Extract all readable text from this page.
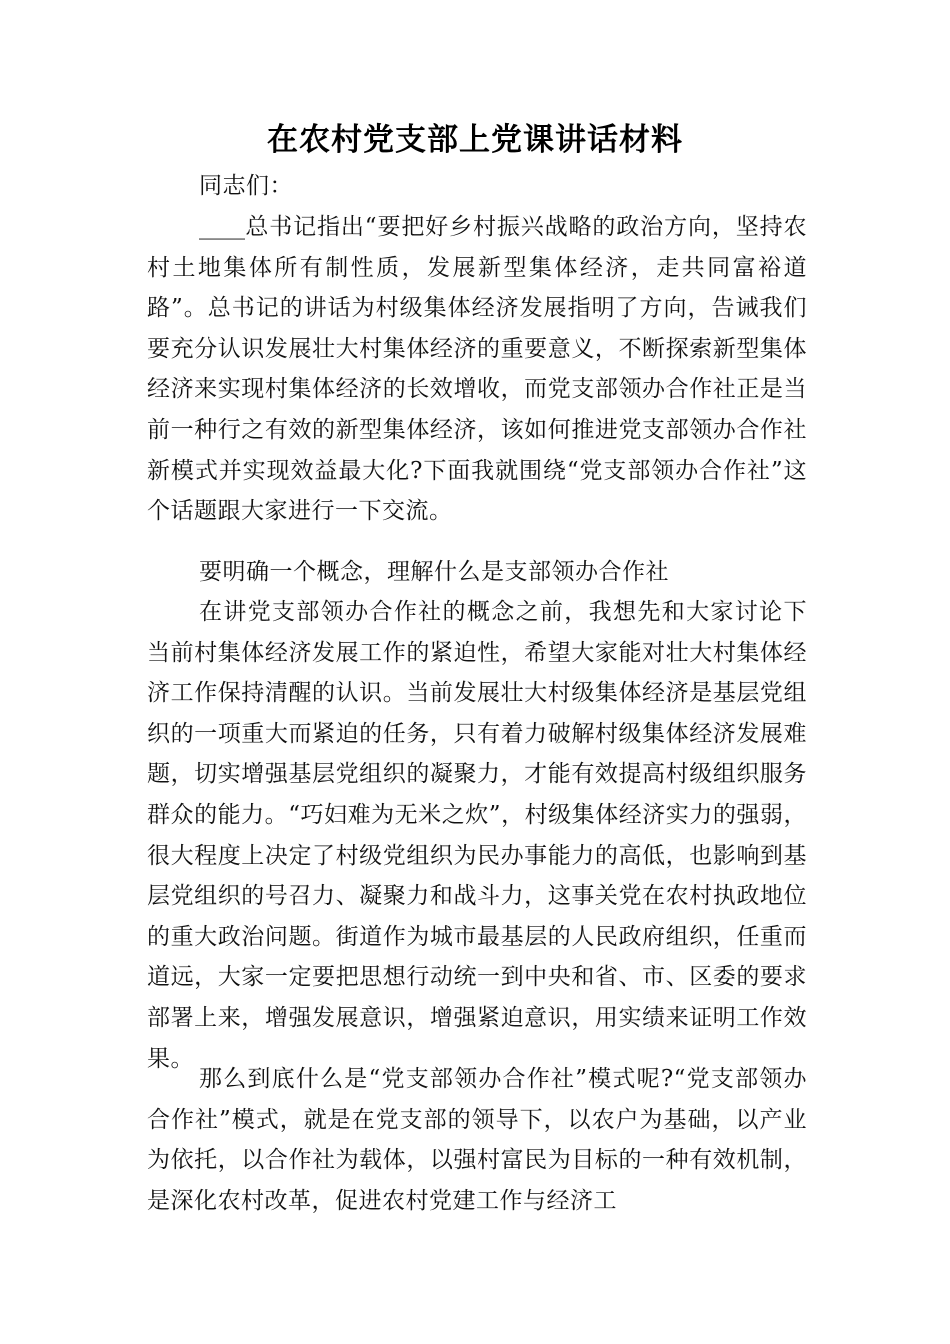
在农村党支部上党课讲话材料

同志们：

____总书记指出“要把好乡村振兴战略的政治方向，坚持农村土地集体所有制性质，发展新型集体经济，走共同富裕道路”。总书记的讲话为村级集体经济发展指明了方向，告诫我们要充分认识发展壮大村集体经济的重要意义，不断探索新型集体经济来实现村集体经济的长效增收，而党支部领办合作社正是当前一种行之有效的新型集体经济，该如何推进党支部领办合作社新模式并实现效益最大化?下面我就围绕“党支部领办合作社”这个话题跟大家进行一下交流。

要明确一个概念，理解什么是支部领办合作社

在讲党支部领办合作社的概念之前，我想先和大家讨论下当前村集体经济发展工作的紧迫性，希望大家能对壮大村集体经济工作保持清醒的认识。当前发展壮大村级集体经济是基层党组织的一项重大而紧迫的任务，只有着力破解村级集体经济发展难题，切实增强基层党组织的凝聚力，才能有效提高村级组织服务群众的能力。“巧妇难为无米之炊”，村级集体经济实力的强弱，很大程度上决定了村级党组织为民办事能力的高低，也影响到基层党组织的号召力、凝聚力和战斗力，这事关党在农村执政地位的重大政治问题。街道作为城市最基层的人民政府组织，任重而道远，大家一定要把思想行动统一到中央和省、市、区委的要求部署上来，增强发展意识，增强紧迫意识，用实绩来证明工作效果。

那么到底什么是“党支部领办合作社”模式呢?“党支部领办合作社”模式，就是在党支部的领导下，以农户为基础，以产业为依托，以合作社为载体，以强村富民为目标的一种有效机制，是深化农村改革，促进农村党建工作与经济工
